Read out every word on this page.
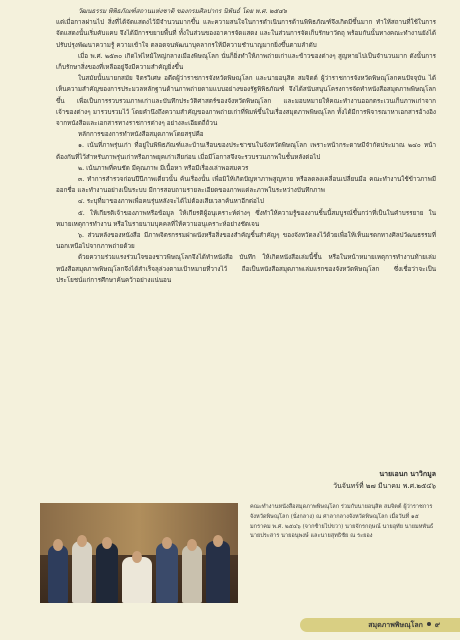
วัฒนธรรม พิพิธภัณฑ์สถานแห่งชาติ ของกรมศิลปากร นิพันธ์ โดย พ.ศ. ๒๕๔๖

แต่เมื่อกาลผ่านไป สิ่งที่ได้จัดแสดงไว้มีจำนวนมากขึ้น และความสนใจในการดำเนินการด้านพิพิธภัณฑ์จึงเกิดมีขึ้นมาก ทำให้สถานที่ใช้ในการจัดแสดงนั้นเริ่มคับแคบ จึงได้มีการขยายพื้นที่ ทั้งในส่วนของอาคารจัดแสดง และในส่วนการจัดเก็บรักษาวัตถุ พร้อมกันนั้นทางคณะทำงานยังได้ปรับปรุงพัฒนาความรู้ ความเข้าใจ ตลอดจนพัฒนาบุคลากรให้มีความชำนาญมากยิ่งขึ้นตามลำดับ

เมื่อ พ.ศ. ๒๕๓๐ เกิดไฟไหม้ใหญ่กลางเมืองพิษณุโลก นั่นก็ยิ่งทำให้ภาพถ่ายเก่าและข้าวของต่างๆ สูญหายไปเป็นจำนวนมาก ดังนั้นการเก็บรักษาสิ่งของที่เหลืออยู่จึงมีความสำคัญยิ่งขึ้น

ในสมัยนั้นนายกสมัย จิตรวิเศษ อดีตผู้ว่าราชการจังหวัดพิษณุโลก และนายอนุสิต สมจิตต์ ผู้ว่าราชการจังหวัดพิษณุโลกคนปัจจุบัน ได้เห็นความสำคัญของการประมวลหลักฐานด้านภาพถ่ายตามแบบอย่างของรัฐพิพิธภัณฑ์ จึงได้สนับสนุนโครงการจัดทำหนังสือสมุดภาพพิษณุโลกขึ้น เพื่อเป็นการรวบรวมภาพเก่าและบันทึกประวัติศาสตร์ของจังหวัดพิษณุโลก และมอบหมายให้คณะทำงานออกตระเวนเก็บภาพเก่าจากเจ้าของต่างๆ มารวบรวมไว้ โดยคำนึงถึงความสำคัญของภาพถ่ายเก่าที่พิมพ์ขึ้นในเรื่องสมุดภาพพิษณุโลก ทั้งได้มีการพิจารณาหาเอกสารอ้างอิงจากหนังสือและเอกสารทางราชการต่างๆ อย่างละเอียดถี่ถ้วน

หลักการของการทำหนังสือสมุดภาพโดยสรุปคือ

๑. เน้นที่ภาพรุ่นเก่า ที่อยู่ในพิพิธภัณฑ์และบ้านเรือนของประชาชนในจังหวัดพิษณุโลก เพราะหน้ากระดาษมีจำกัดประมาณ ๒๔๐ หน้า ต้องกันที่ไว้สำหรับภาพรุ่นเก่าหรือภาพยุคเก่าเสียก่อน เมื่อมีโอกาสจึงจะรวบรวมภาพในชั้นหลังต่อไป

๒. เน้นภาพที่คนชัด มีคุณภาพ มีเนื้อหา หรือมีเรื่องเล่าพอสมควร

๓. ทำการสำรวจก่อนปีปีภาพเดี่ยวนั้น ค้นเรื่องนั้น เพื่อมิให้เกิดปัญหาภาพสูญหาย หรือลดลงเคลื่อนเปลี่ยนมือ คณะทำงานใช้ข้าวภาพมีออกชื่อ และทำงานอย่างเป็นระบบ มีการสอบถามรายละเอียดของภาพแต่ละภาพในระหว่างบันทึกภาพ

๔. ระบุที่มาของภาพเพื่อคนรุ่นหลังจะได้ไม่ต้องเสียเวลาค้นหาอีกต่อไป

๕. ให้เกียรติเจ้าของภาพหรือข้อมูล ให้เกียรติผู้อนุเคราะห์ต่างๆ ซึ่งทำให้ความรู้ของงานชิ้นนี้สมบูรณ์ขึ้นกว่าที่เป็นในคำบรรยาย ในหมายเหตุการทำงาน หรือในรายนามบุคคลที่ให้ความอนุเคราะห์อย่างชัดเจน

๖. ส่วนหลังของหนังสือ มีภาพจิตรกรรมฝาผนังหรือสิ่งของสำคัญชิ้นสำคัญๆ ของจังหวัดลงไว้ด้วยเพื่อให้เห็นมรดกทางศิลปวัฒนธรรมที่นอกเหนือไปจากภาพถ่ายด้วย

ด้วยความร่วมแรงร่วมใจของชาวพิษณุโลกจึงได้ทำหนังสือ บันทึก ให้เกิดหนังสือเล่มนี้ขึ้น หรือในหน้าหมายเหตุการทำงานท้ายเล่ม หนังสือสมุดภาพพิษณุโลกจึงได้สำเร็จลุล่วงตามเป้าหมายที่วางไว้ ถือเป็นหนังสือสมุดภาพเล่มแรกของจังหวัดพิษณุโลก ซึ่งเชื่อว่าจะเป็นประโยชน์แก่การศึกษาค้นคว้าอย่างแน่นอน

นายเอนก นาวิกมูล
วันจันทร์ที่ ๒๗ มีนาคม พ.ศ.๒๕๔๖
คณะทำงานหนังสือสมุดภาพพิษณุโลก ร่วมกับนายอนุสิต สมจิตต์ ผู้ว่าราชการจังหวัดพิษณุโลก (นั่งกลาง) ณ ศาลากลางจังหวัดพิษณุโลก เมื่อวันที่ ๑๕ มกราคม พ.ศ. ๒๕๔๖ (จากซ้ายไปขวา) นายจักรกฤษณ์ นายอุทัย นายมหพันธ์ นายประสาร นายอนุพงษ์ และนายสุทธิชัย ณ ระยอง
สมุดภาพพิษณุโลก ๙
